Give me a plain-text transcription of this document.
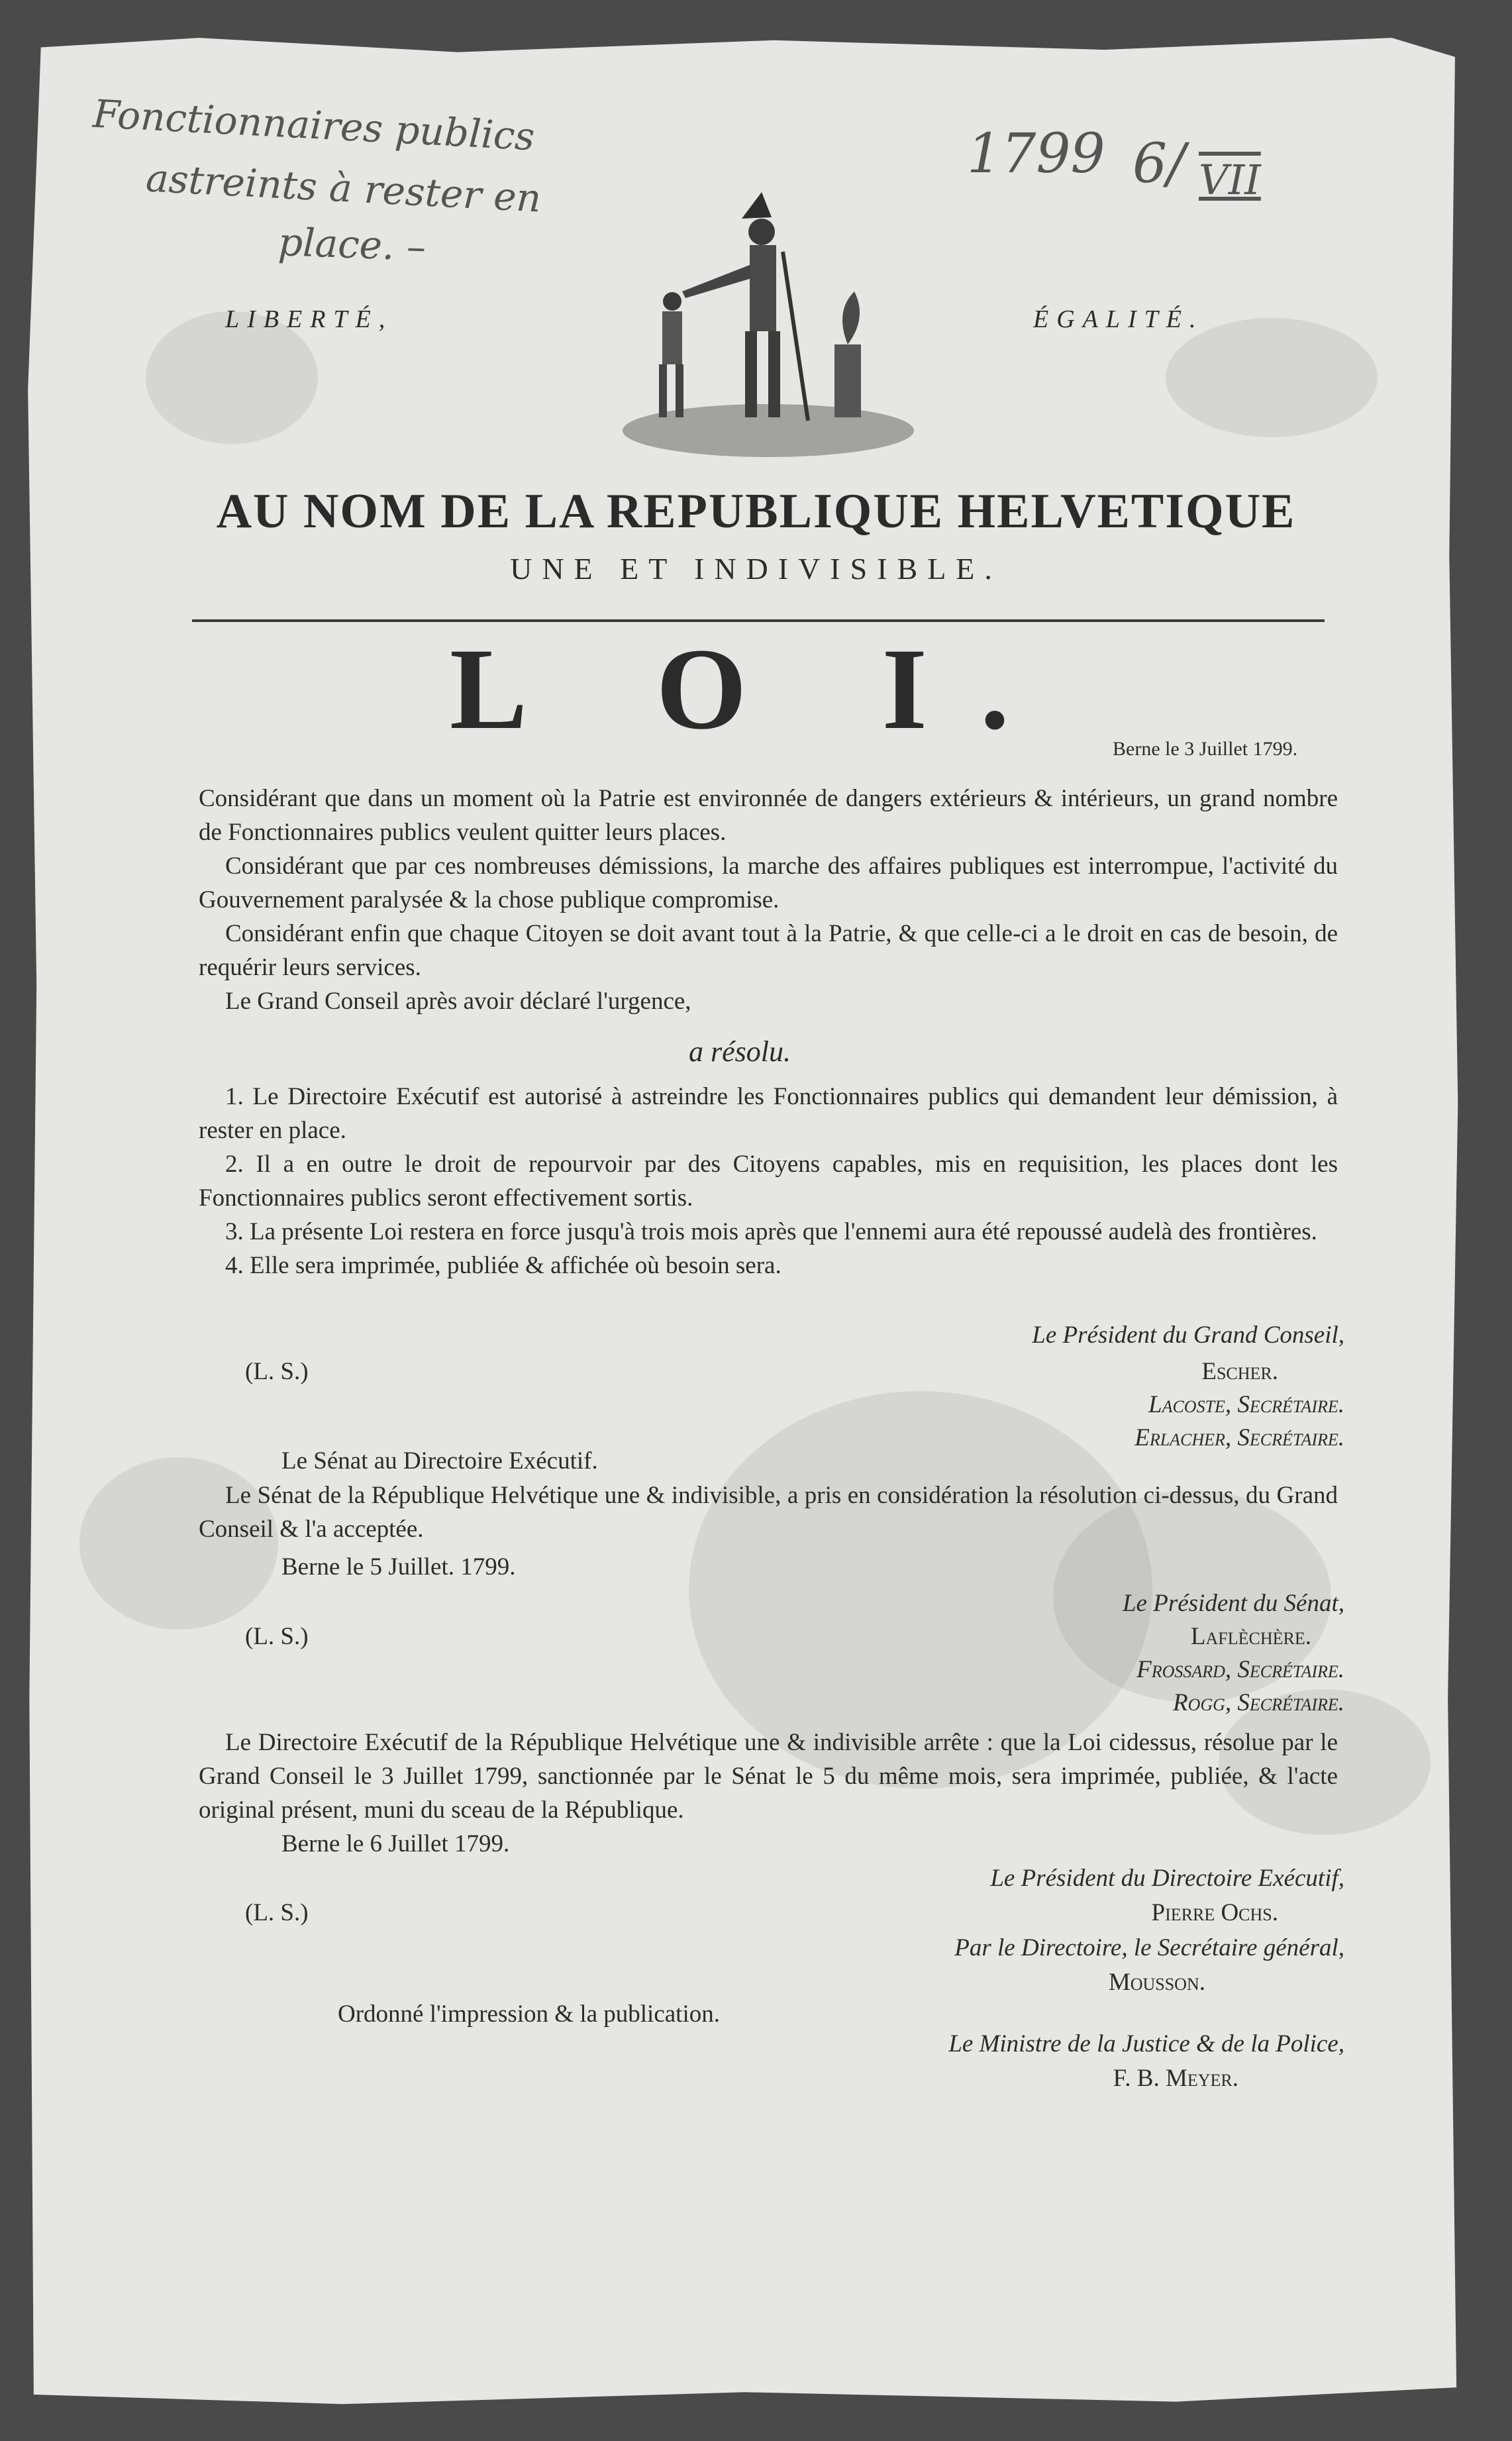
Fonctionnaires publics
astreints à rester en
place. –
1799 6/ VII
LIBERTÉ,	ÉGALITÉ.
AU NOM DE LA REPUBLIQUE HELVETIQUE
UNE ET INDIVISIBLE.
L O I.	Berne le 3 Juillet 1799.
Considérant que dans un moment où la Patrie est environnée de dangers extérieurs & intérieurs, un grand nombre de Fonctionnaires publics veulent quitter leurs places.
Considérant que par ces nombreuses démissions, la marche des affaires publiques est interrompue, l'activité du Gouvernement paralysée & la chose publique compromise.
Considérant enfin que chaque Citoyen se doit avant tout à la Patrie, & que celle-ci a le droit en cas de besoin, de requérir leurs services.
Le Grand Conseil après avoir déclaré l'urgence,
a résolu.
1. Le Directoire Exécutif est autorisé à astreindre les Fonctionnaires publics qui demandent leur démission, à rester en place.
2. Il a en outre le droit de repourvoir par des Citoyens capables, mis en requisition, les places dont les Fonctionnaires publics seront effectivement sortis.
3. La présente Loi restera en force jusqu'à trois mois après que l'ennemi aura été repoussé audelà des frontières.
4. Elle sera imprimée, publiée & affichée où besoin sera.
(L. S.)
Le Président du Grand Conseil,
Escher.
Lacoste, Secrétaire.
Erlacher, Secrétaire.
Le Sénat au Directoire Exécutif.
Le Sénat de la République Helvétique une & indivisible, a pris en considération la résolution ci-dessus, du Grand Conseil & l'a acceptée.
Berne le 5 Juillet. 1799.
(L. S.)
Le Président du Sénat,
Laflèchère.
Frossard, Secrétaire.
Rogg, Secrétaire.
Le Directoire Exécutif de la République Helvétique une & indivisible arrête : que la Loi cidessus, résolue par le Grand Conseil le 3 Juillet 1799, sanctionnée par le Sénat le 5 du même mois, sera imprimée, publiée, & l'acte original présent, muni du sceau de la République.
Berne le 6 Juillet 1799.
(L. S.)
Le Président du Directoire Exécutif,
Pierre Ochs.
Par le Directoire, le Secrétaire général,
Mousson.
Ordonné l'impression & la publication.
Le Ministre de la Justice & de la Police,
F. B. Meyer.
